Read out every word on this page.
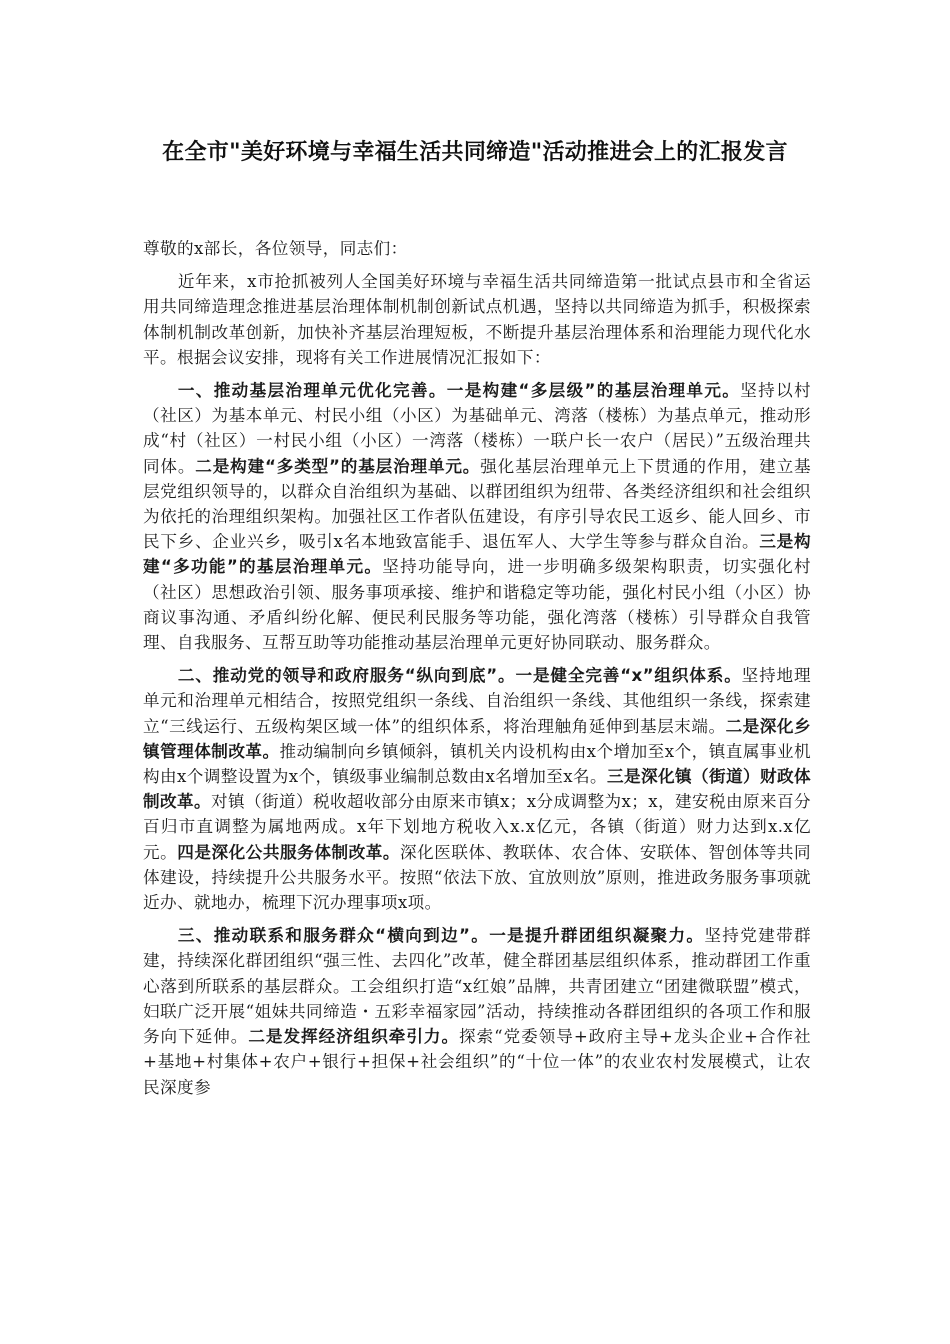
在全市"美好环境与幸福生活共同缔造"活动推进会上的汇报发言

尊敬的x部长，各位领导，同志们：

近年来，x市抢抓被列人全国美好环境与幸福生活共同缔造第一批试点县市和全省运用共同缔造理念推进基层治理体制机制创新试点机遇，坚持以共同缔造为抓手，积极探索体制机制改革创新，加快补齐基层治理短板，不断提升基层治理体系和治理能力现代化水平。根据会议安排，现将有关工作进展情况汇报如下：

一、推动基层治理单元优化完善。一是构建“多层级”的基层治理单元。坚持以村（社区）为基本单元、村民小组（小区）为基础单元、湾落（楼栋）为基点单元，推动形成“村（社区）一村民小组（小区）一湾落（楼栋）一联户长一农户（居民）”五级治理共同体。二是构建“多类型”的基层治理单元。强化基层治理单元上下贯通的作用，建立基层党组织领导的，以群众自治组织为基础、以群团组织为纽带、各类经济组织和社会组织为依托的治理组织架构。加强社区工作者队伍建设，有序引导农民工返乡、能人回乡、市民下乡、企业兴乡，吸引x名本地致富能手、退伍军人、大学生等参与群众自治。三是构建“多功能”的基层治理单元。坚持功能导向，进一步明确多级架构职责，切实强化村（社区）思想政治引领、服务事项承接、维护和谐稳定等功能，强化村民小组（小区）协商议事沟通、矛盾纠纷化解、便民利民服务等功能，强化湾落（楼栋）引导群众自我管理、自我服务、互帮互助等功能推动基层治理单元更好协同联动、服务群众。

二、推动党的领导和政府服务“纵向到底”。一是健全完善“x”组织体系。坚持地理单元和治理单元相结合，按照党组织一条线、自治组织一条线、其他组织一条线，探索建立“三线运行、五级构架区域一体”的组织体系，将治理触角延伸到基层末端。二是深化乡镇管理体制改革。推动编制向乡镇倾斜，镇机关内设机构由x个增加至x个，镇直属事业机构由x个调整设置为x个，镇级事业编制总数由x名增加至x名。三是深化镇（街道）财政体制改革。对镇（街道）税收超收部分由原来市镇x；x分成调整为x；x，建安税由原来百分百归市直调整为属地两成。x年下划地方税收入x.x亿元，各镇（街道）财力达到x.x亿元。四是深化公共服务体制改革。深化医联体、教联体、农合体、安联体、智创体等共同体建设，持续提升公共服务水平。按照“依法下放、宜放则放”原则，推进政务服务事项就近办、就地办，梳理下沉办理事项x项。

三、推动联系和服务群众“横向到边”。一是提升群团组织凝聚力。坚持党建带群建，持续深化群团组织“强三性、去四化”改革，健全群团基层组织体系，推动群团工作重心落到所联系的基层群众。工会组织打造“x红娘”品牌，共青团建立“团建微联盟”模式，妇联广泛开展“姐妹共同缔造・五彩幸福家园”活动，持续推动各群团组织的各项工作和服务向下延伸。二是发挥经济组织牵引力。探索“党委领导+政府主导+龙头企业+合作社+基地+村集体+农户+银行+担保+社会组织”的“十位一体”的农业农村发展模式，让农民深度参
